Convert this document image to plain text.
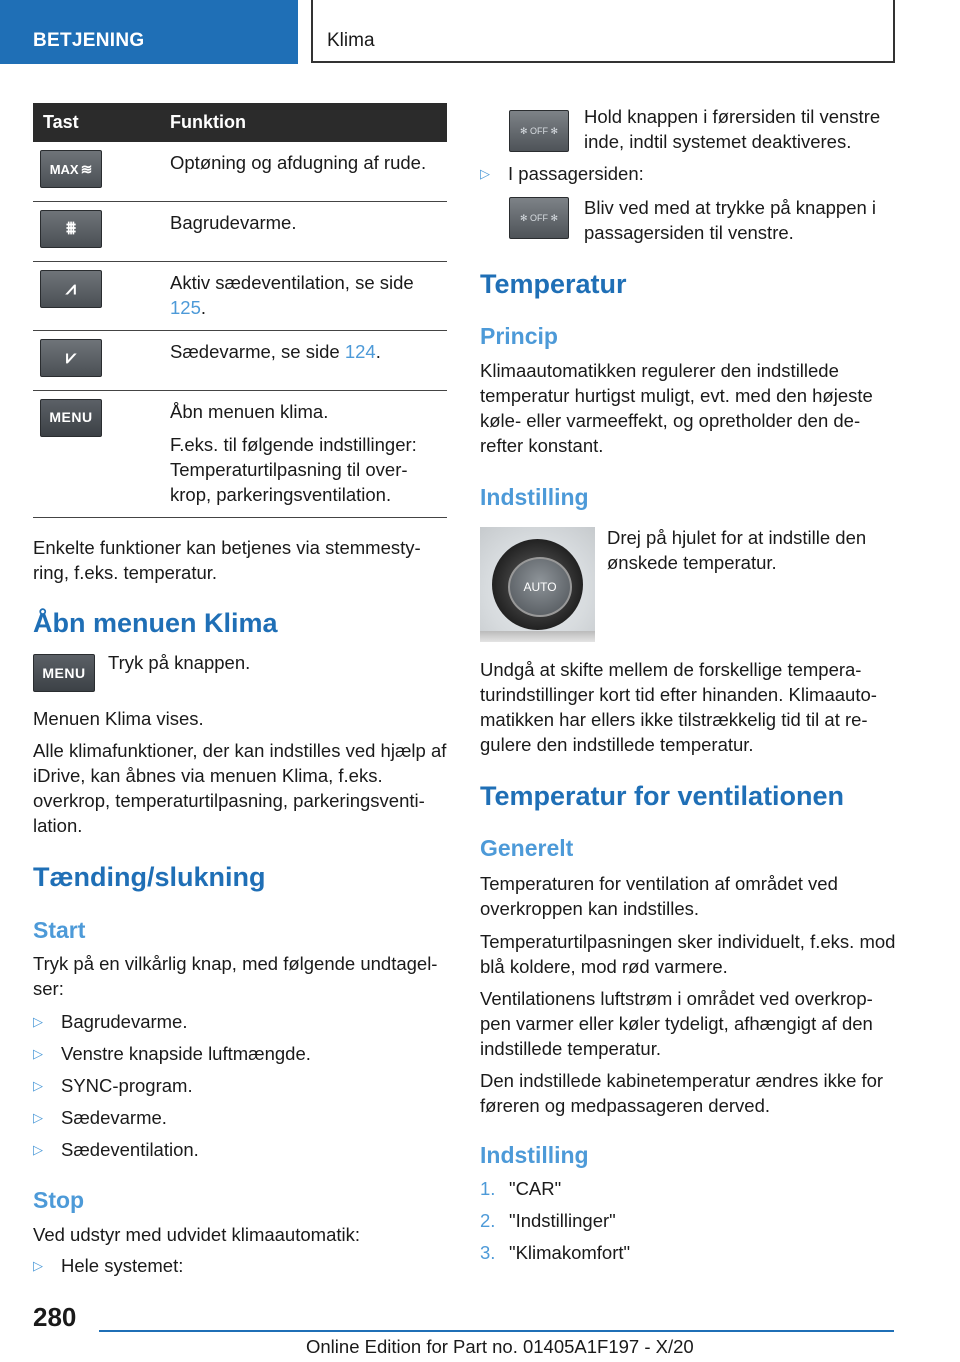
BETJENING	Klima
Tast	Funktion

MAX ≋	Optøning og afdugning af rude.

⩩	Bagrudevarme.

⩘	Aktiv sædeventilation, se side 125.

⩗	Sædevarme, se side 124.

MENU	Åbn menuen klima.
F.eks. til følgende indstillinger: Temperaturtilpasning til over-krop, parkeringsventilation.

Enkelte funktioner kan betjenes via stemmesty-ring, f.eks. temperatur.

Åbn menuen Klima
MENU	Tryk på knappen.

Menuen Klima vises.

Alle klimafunktioner, der kan indstilles ved hjælp af iDrive, kan åbnes via menuen Klima, f.eks. overkrop, temperaturtilpasning, parkeringsventi-lation.

Tænding/slukning
Start

Tryk på en vilkårlig knap, med følgende undtagel-ser:

▷ Bagrudevarme.
▷ Venstre knapside luftmængde.
▷ SYNC-program.
▷ Sædevarme.
▷ Sædeventilation.
Stop

Ved udstyr med udvidet klimaautomatik:

▷ Hele systemet:
✻ OFF ✻

Hold knappen i førersiden til venstre inde, indtil systemet deaktiveres.

▷ I passagersiden:
✻ OFF ✻	Bliv ved med at trykke på knappen i passagersiden til venstre.

Temperatur
Princip

Klimaautomatikken regulerer den indstillede temperatur hurtigst muligt, evt. med den højeste køle- eller varmeeffekt, og opretholder den de-refter konstant.

Indstilling
AUTO

Drej på hjulet for at indstille den ønskede temperatur.

Undgå at skifte mellem de forskellige tempera-turindstillinger kort tid efter hinanden. Klimaauto-matikken har ellers ikke tilstrækkelig tid til at re-gulere den indstillede temperatur.

Temperatur for ventilationen
Generelt

Temperaturen for ventilation af området ved overkroppen kan indstilles.

Temperaturtilpasningen sker individuelt, f.eks. mod blå koldere, mod rød varmere.

Ventilationens luftstrøm i området ved overkrop-pen varmer eller køler tydeligt, afhængigt af den indstillede temperatur.

Den indstillede kabinetemperatur ændres ikke for føreren og medpassageren derved.

Indstilling
1. "CAR"
2. "Indstillinger"
3. "Klimakomfort"
280
Online Edition for Part no. 01405A1F197 - X/20
